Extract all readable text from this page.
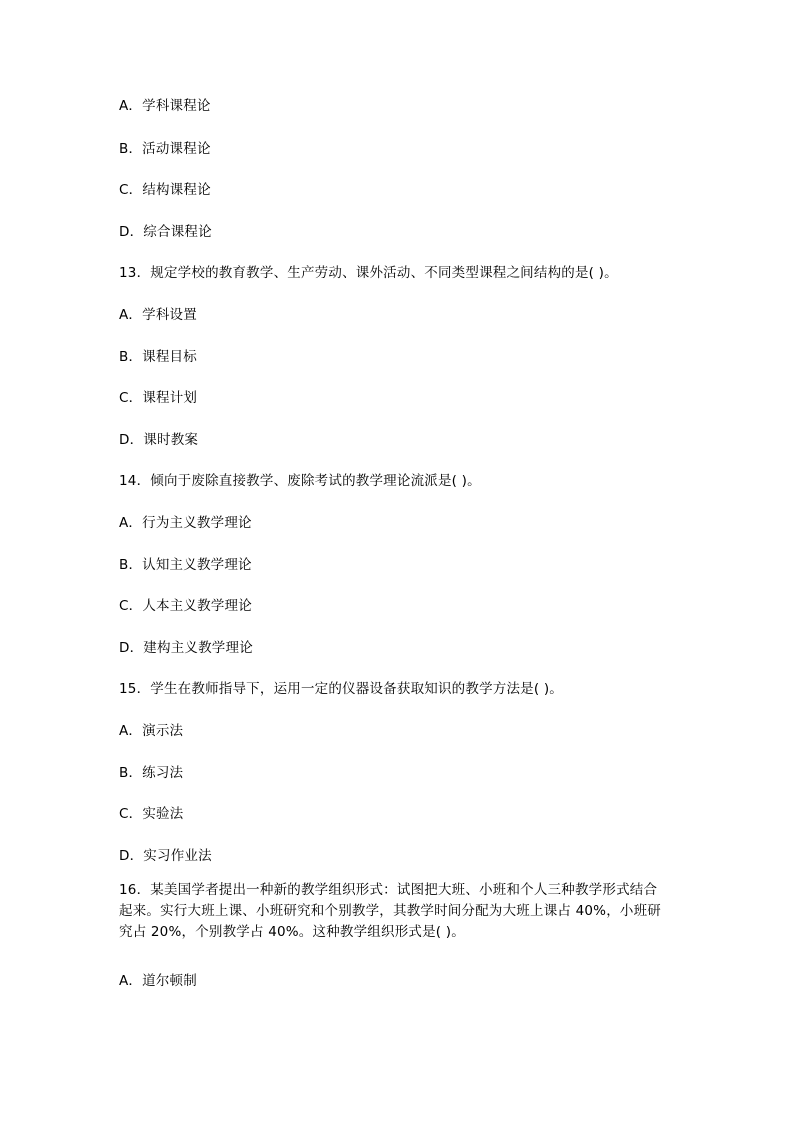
A．学科课程论
B．活动课程论
C．结构课程论
D．综合课程论
13．规定学校的教育教学、生产劳动、课外活动、不同类型课程之间结构的是( )。
A．学科设置
B．课程目标
C．课程计划
D．课时教案
14．倾向于废除直接教学、废除考试的教学理论流派是( )。
A．行为主义教学理论
B．认知主义教学理论
C．人本主义教学理论
D．建构主义教学理论
15．学生在教师指导下，运用一定的仪器设备获取知识的教学方法是( )。
A．演示法
B．练习法
C．实验法
D．实习作业法
16．某美国学者提出一种新的教学组织形式：试图把大班、小班和个人三种教学形式结合
起来。实行大班上课、小班研究和个别教学，其教学时间分配为大班上课占 40%，小班研
究占 20%，个别教学占 40%。这种教学组织形式是( )。
A．道尔顿制
